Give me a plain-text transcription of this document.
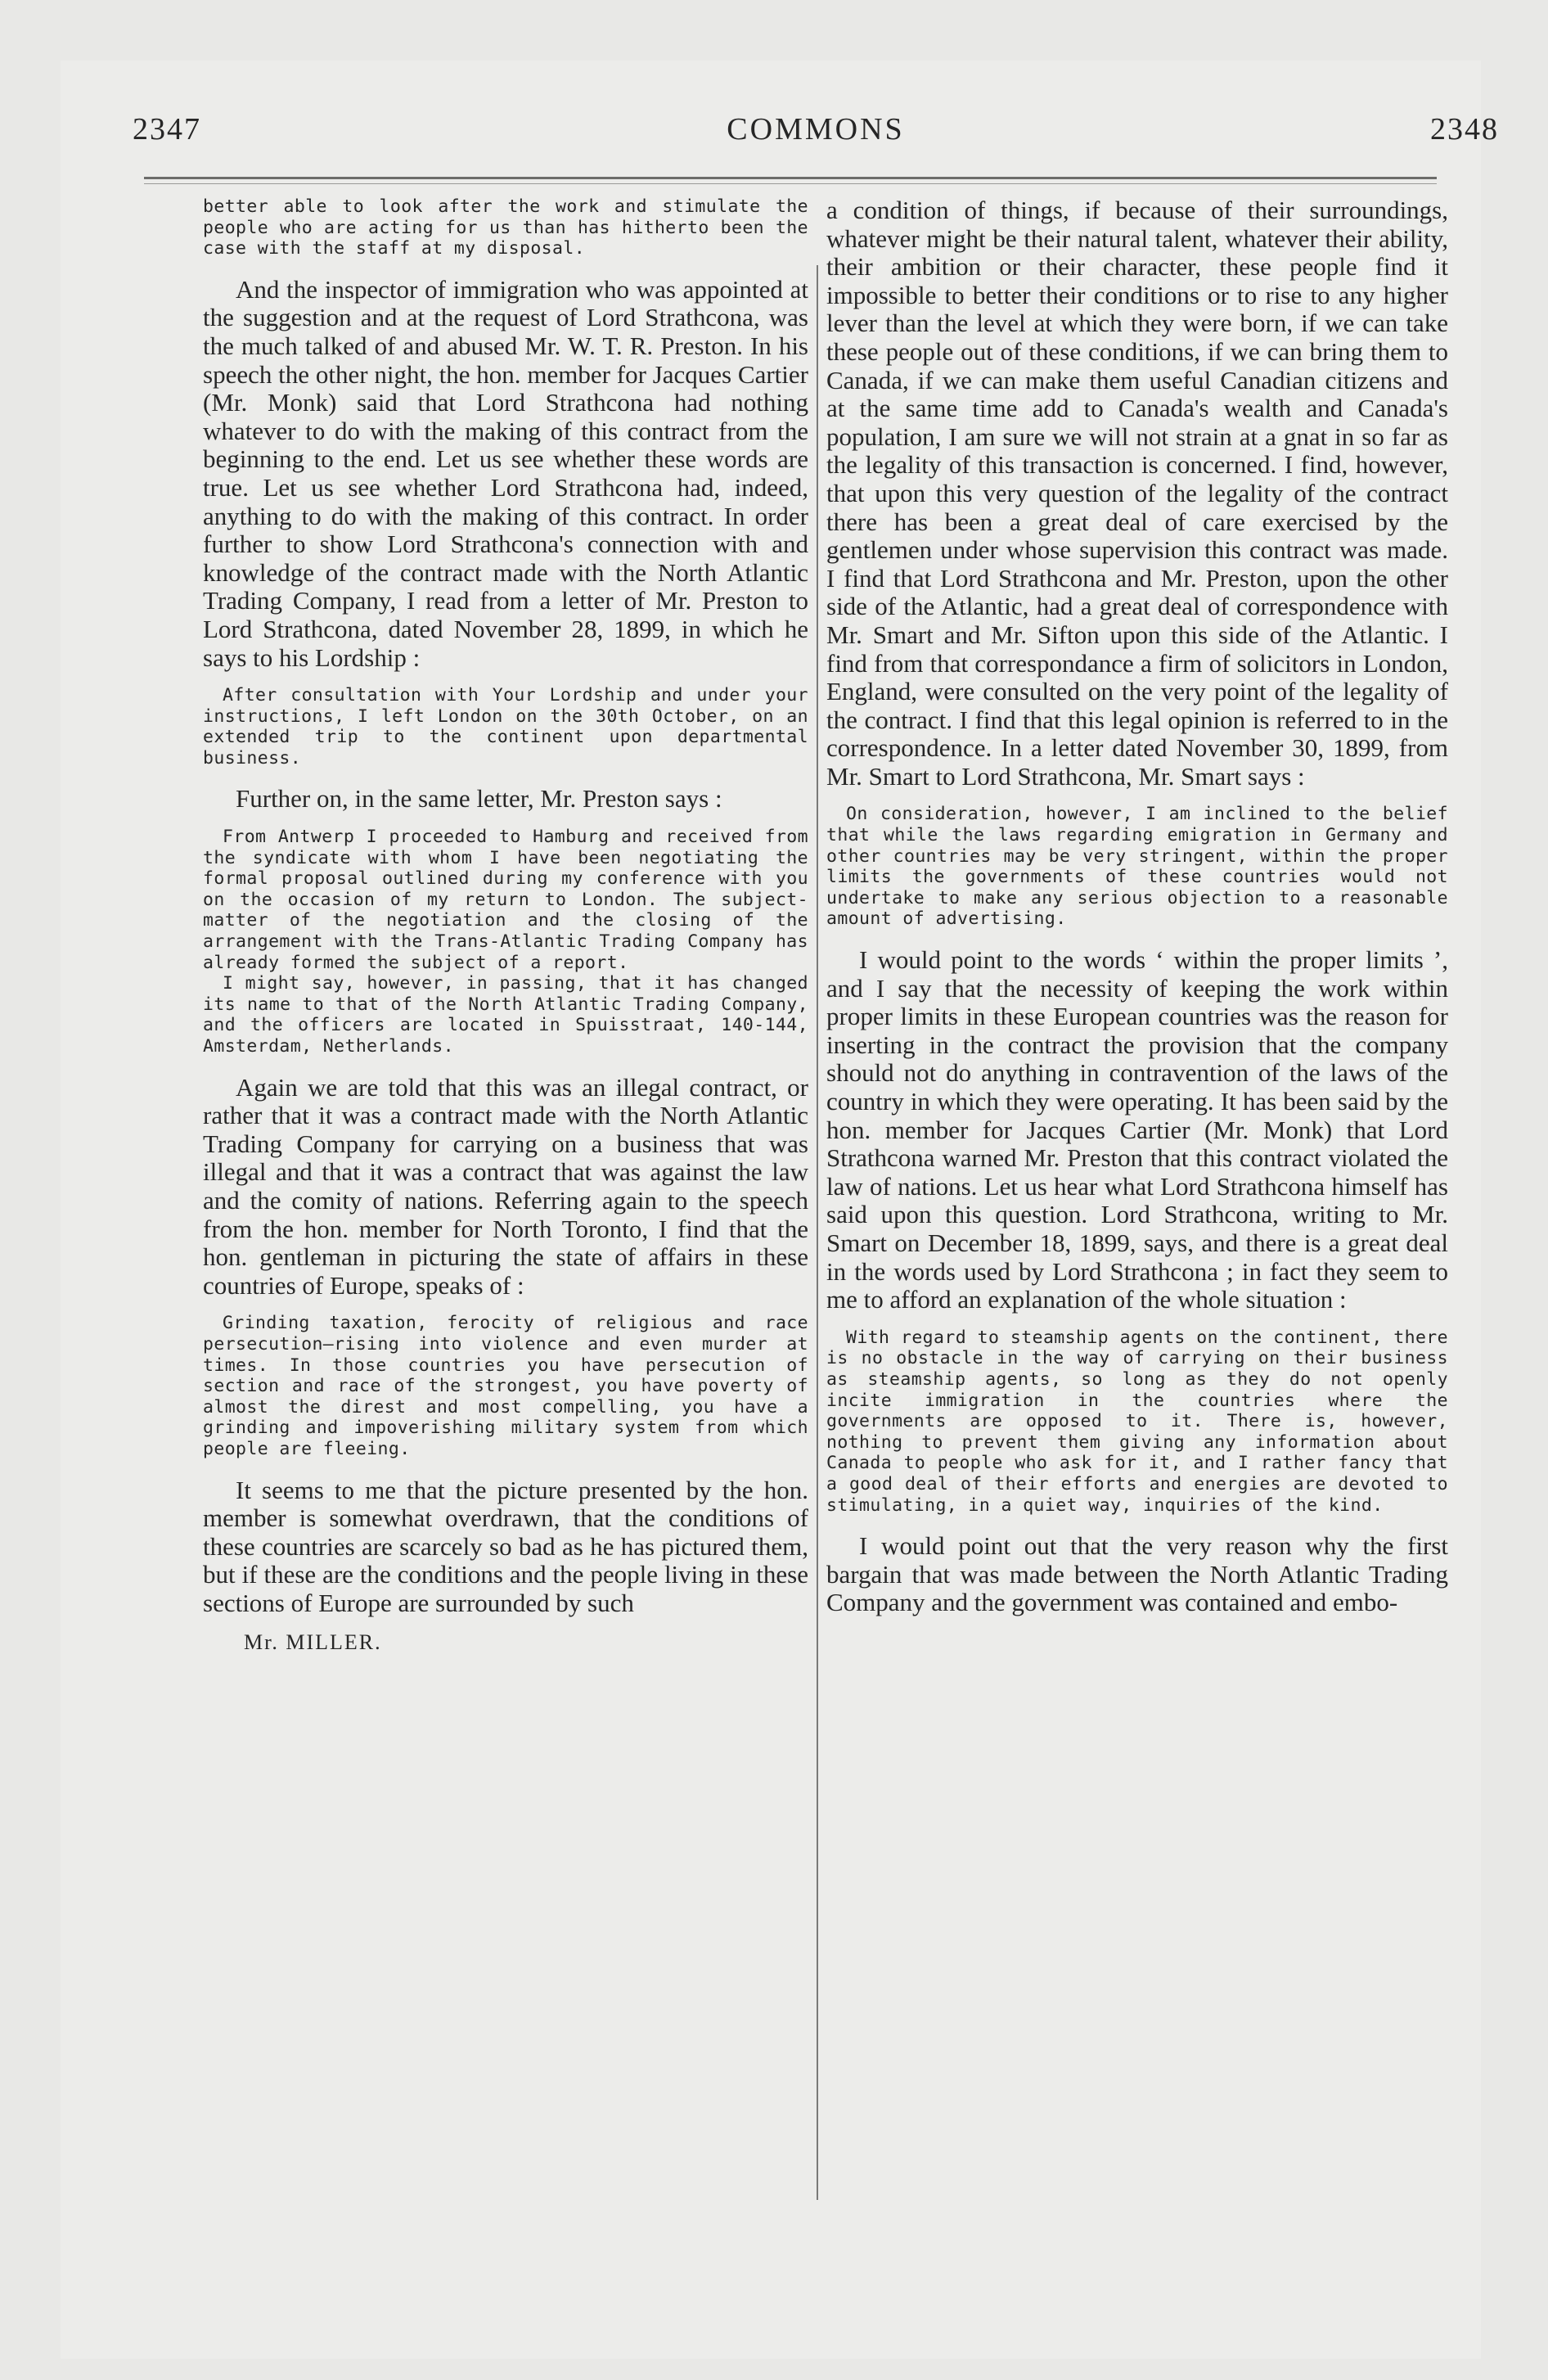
2347	COMMONS	2348

better able to look after the work and stimulate the people who are acting for us than has hitherto been the case with the staff at my disposal.

And the inspector of immigration who was appointed at the suggestion and at the request of Lord Strathcona, was the much talked of and abused Mr. W. T. R. Preston. In his speech the other night, the hon. member for Jacques Cartier (Mr. Monk) said that Lord Strathcona had nothing whatever to do with the making of this contract from the beginning to the end. Let us see whether these words are true. Let us see whether Lord Strathcona had, indeed, anything to do with the making of this contract. In order further to show Lord Strathcona's connection with and knowledge of the contract made with the North Atlantic Trading Company, I read from a letter of Mr. Preston to Lord Strathcona, dated November 28, 1899, in which he says to his Lordship :

After consultation with Your Lordship and under your instructions, I left London on the 30th October, on an extended trip to the continent upon departmental business.

Further on, in the same letter, Mr. Preston says :

From Antwerp I proceeded to Hamburg and received from the syndicate with whom I have been negotiating the formal proposal outlined during my conference with you on the occasion of my return to London. The subject-matter of the negotiation and the closing of the arrangement with the Trans-Atlantic Trading Company has already formed the subject of a report.

I might say, however, in passing, that it has changed its name to that of the North Atlantic Trading Company, and the officers are located in Spuisstraat, 140-144, Amsterdam, Netherlands.

Again we are told that this was an illegal contract, or rather that it was a contract made with the North Atlantic Trading Company for carrying on a business that was illegal and that it was a contract that was against the law and the comity of nations. Referring again to the speech from the hon. member for North Toronto, I find that the hon. gentleman in picturing the state of affairs in these countries of Europe, speaks of :

Grinding taxation, ferocity of religious and race persecution—rising into violence and even murder at times. In those countries you have persecution of section and race of the strongest, you have poverty of almost the direst and most compelling, you have a grinding and impoverishing military system from which people are fleeing.

It seems to me that the picture presented by the hon. member is somewhat overdrawn, that the conditions of these countries are scarcely so bad as he has pictured them, but if these are the conditions and the people living in these sections of Europe are surrounded by such

Mr. MILLER.

a condition of things, if because of their surroundings, whatever might be their natural talent, whatever their ability, their ambition or their character, these people find it impossible to better their conditions or to rise to any higher lever than the level at which they were born, if we can take these people out of these conditions, if we can bring them to Canada, if we can make them useful Canadian citizens and at the same time add to Canada's wealth and Canada's population, I am sure we will not strain at a gnat in so far as the legality of this transaction is concerned. I find, however, that upon this very question of the legality of the contract there has been a great deal of care exercised by the gentlemen under whose supervision this contract was made. I find that Lord Strathcona and Mr. Preston, upon the other side of the Atlantic, had a great deal of correspondence with Mr. Smart and Mr. Sifton upon this side of the Atlantic. I find from that correspondance a firm of solicitors in London, England, were consulted on the very point of the legality of the contract. I find that this legal opinion is referred to in the correspondence. In a letter dated November 30, 1899, from Mr. Smart to Lord Strathcona, Mr. Smart says :

On consideration, however, I am inclined to the belief that while the laws regarding emigration in Germany and other countries may be very stringent, within the proper limits the governments of these countries would not undertake to make any serious objection to a reasonable amount of advertising.

I would point to the words ‘ within the proper limits ’, and I say that the necessity of keeping the work within proper limits in these European countries was the reason for inserting in the contract the provision that the company should not do anything in contravention of the laws of the country in which they were operating. It has been said by the hon. member for Jacques Cartier (Mr. Monk) that Lord Strathcona warned Mr. Preston that this contract violated the law of nations. Let us hear what Lord Strathcona himself has said upon this question. Lord Strathcona, writing to Mr. Smart on December 18, 1899, says, and there is a great deal in the words used by Lord Strathcona ; in fact they seem to me to afford an explanation of the whole situation :

With regard to steamship agents on the continent, there is no obstacle in the way of carrying on their business as steamship agents, so long as they do not openly incite immigration in the countries where the governments are opposed to it. There is, however, nothing to prevent them giving any information about Canada to people who ask for it, and I rather fancy that a good deal of their efforts and energies are devoted to stimulating, in a quiet way, inquiries of the kind.

I would point out that the very reason why the first bargain that was made between the North Atlantic Trading Company and the government was contained and embo-
